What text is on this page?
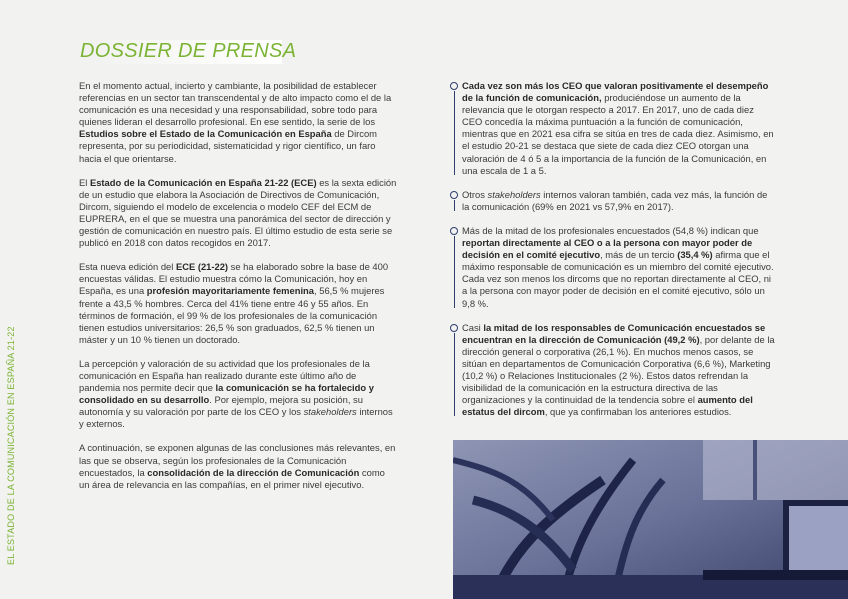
EL ESTADO DE LA COMUNICACIÓN EN ESPAÑA 21-22
DOSSIER DE PRENSA

En el momento actual, incierto y cambiante, la posibilidad de establecer referencias en un sector tan transcendental y de alto impacto como el de la comunicación es una necesidad y una responsabilidad, sobre todo para quienes lideran el desarrollo profesional. En ese sentido, la serie de los Estudios sobre el Estado de la Comunicación en España de Dircom representa, por su periodicidad, sistematicidad y rigor científico, un faro hacia el que orientarse.

El Estado de la Comunicación en España 21-22 (ECE) es la sexta edición de un estudio que elabora la Asociación de Directivos de Comunicación, Dircom, siguiendo el modelo de excelencia o modelo CEF del ECM de EUPRERA, en el que se muestra una panorámica del sector de dirección y gestión de comunicación en nuestro país. El último estudio de esta serie se publicó en 2018 con datos recogidos en 2017.

Esta nueva edición del ECE (21-22) se ha elaborado sobre la base de 400 encuestas válidas. El estudio muestra cómo la Comunicación, hoy en España, es una profesión mayoritariamente femenina, 56,5 % mujeres frente a 43,5 % hombres. Cerca del 41% tiene entre 46 y 55 años. En términos de formación, el 99 % de los profesionales de la comunicación tienen estudios universitarios: 26,5 % son graduados, 62,5 % tienen un máster y un 10 % tienen un doctorado.

La percepción y valoración de su actividad que los profesionales de la comunicación en España han realizado durante este último año de pandemia nos permite decir que la comunicación se ha fortalecido y consolidado en su desarrollo. Por ejemplo, mejora su posición, su autonomía y su valoración por parte de los CEO y los stakeholders internos y externos.

A continuación, se exponen algunas de las conclusiones más relevantes, en las que se observa, según los profesionales de la Comunicación encuestados, la consolidación de la dirección de Comunicación como un área de relevancia en las compañías, en el primer nivel ejecutivo.

Cada vez son más los CEO que valoran positivamente el desempeño de la función de comunicación, produciéndose un aumento de la relevancia que le otorgan respecto a 2017. En 2017, uno de cada diez CEO concedía la máxima puntuación a la función de comunicación, mientras que en 2021 esa cifra se sitúa en tres de cada diez. Asimismo, en el estudio 20-21 se destaca que siete de cada diez CEO otorgan una valoración de 4 ó 5 a la importancia de la función de la Comunicación, en una escala de 1 a 5.
Otros stakeholders internos valoran también, cada vez más, la función de la comunicación (69% en 2021 vs 57,9% en 2017).
Más de la mitad de los profesionales encuestados (54,8 %) indican que reportan directamente al CEO o a la persona con mayor poder de decisión en el comité ejecutivo, más de un tercio (35,4 %) afirma que el máximo responsable de comunicación es un miembro del comité ejecutivo. Cada vez son menos los dircoms que no reportan directamente al CEO, ni a la persona con mayor poder de decisión en el comité ejecutivo, sólo un 9,8 %.
Casi la mitad de los responsables de Comunicación encuestados se encuentran en la dirección de Comunicación (49,2 %), por delante de la dirección general o corporativa (26,1 %). En muchos menos casos, se sitúan en departamentos de Comunicación Corporativa (6,6 %), Marketing (10,2 %) o Relaciones Institucionales (2 %). Estos datos refrendan la visibilidad de la comunicación en la estructura directiva de las organizaciones y la continuidad de la tendencia sobre el aumento del estatus del dircom, que ya confirmaban los anteriores estudios.
